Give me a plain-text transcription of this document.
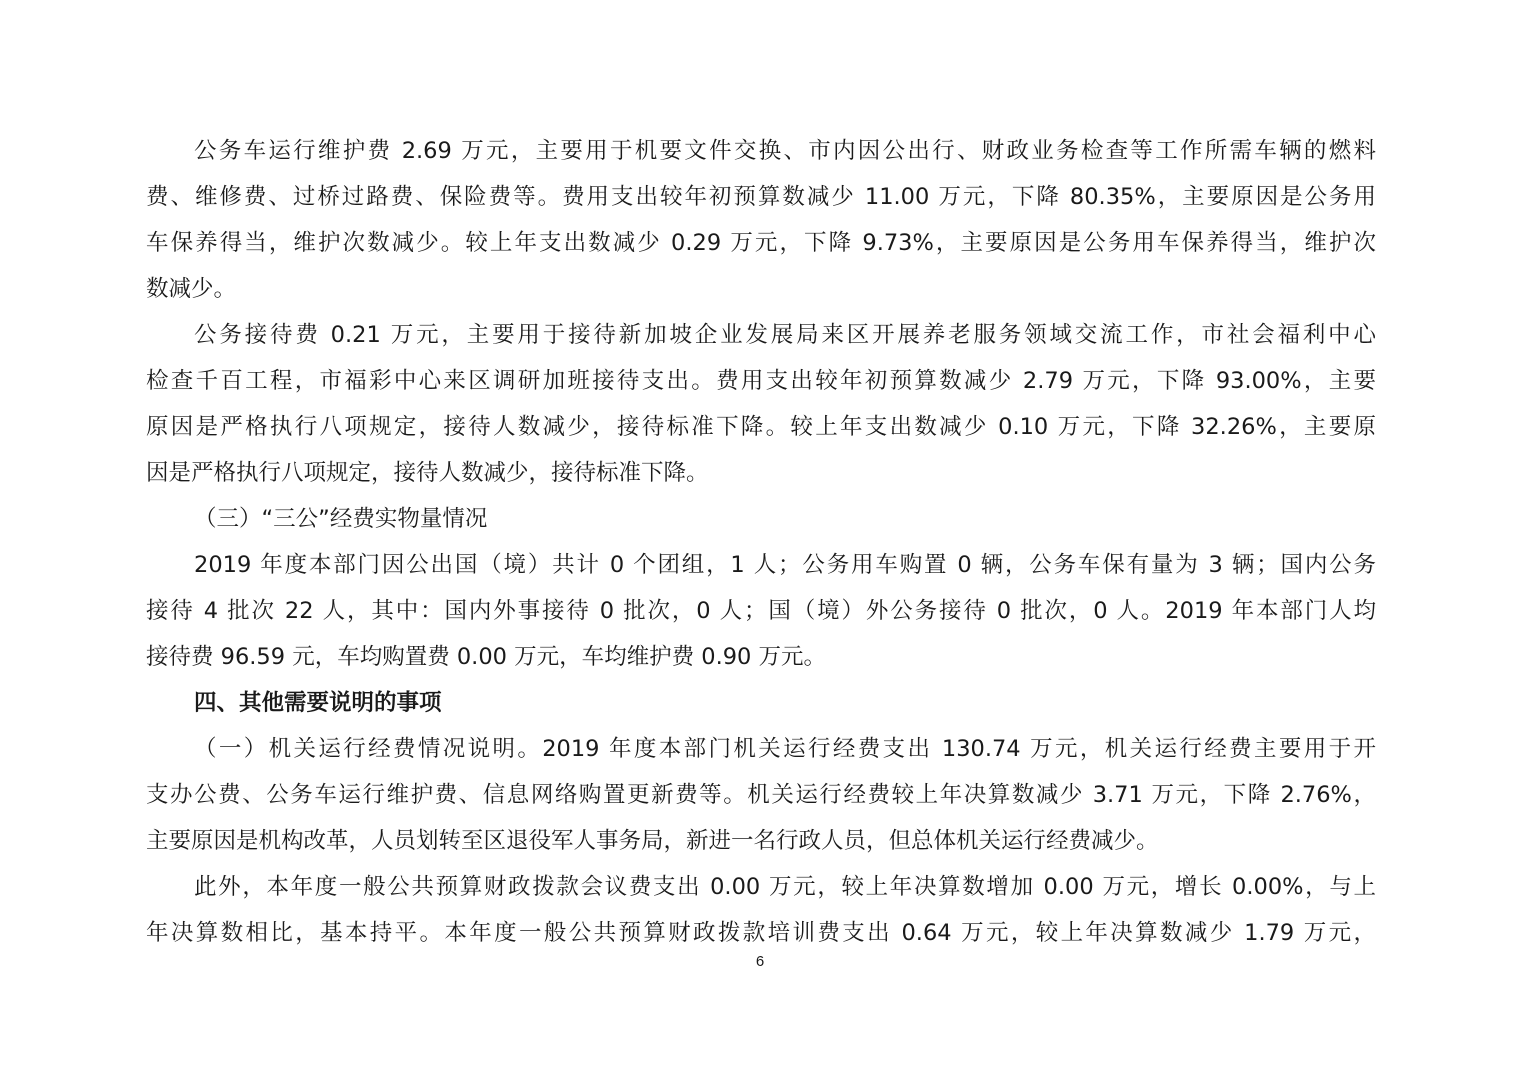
公务车运行维护费 2.69 万元，主要用于机要文件交换、市内因公出行、财政业务检查等工作所需车辆的燃料
费、维修费、过桥过路费、保险费等。费用支出较年初预算数减少 11.00 万元，下降 80.35%，主要原因是公务用
车保养得当，维护次数减少。较上年支出数减少 0.29 万元，下降 9.73%，主要原因是公务用车保养得当，维护次
数减少。
公务接待费 0.21 万元，主要用于接待新加坡企业发展局来区开展养老服务领域交流工作，市社会福利中心
检查千百工程，市福彩中心来区调研加班接待支出。费用支出较年初预算数减少 2.79 万元，下降 93.00%，主要
原因是严格执行八项规定，接待人数减少，接待标准下降。较上年支出数减少 0.10 万元，下降 32.26%，主要原
因是严格执行八项规定，接待人数减少，接待标准下降。
（三）“三公”经费实物量情况
2019 年度本部门因公出国（境）共计 0 个团组，1 人；公务用车购置 0 辆，公务车保有量为 3 辆；国内公务
接待 4 批次 22 人，其中：国内外事接待 0 批次，0 人；国（境）外公务接待 0 批次，0 人。2019 年本部门人均
接待费 96.59 元，车均购置费 0.00 万元，车均维护费 0.90 万元。
四、其他需要说明的事项
（一）机关运行经费情况说明。2019 年度本部门机关运行经费支出 130.74 万元，机关运行经费主要用于开
支办公费、公务车运行维护费、信息网络购置更新费等。机关运行经费较上年决算数减少 3.71 万元，下降 2.76%，
主要原因是机构改革，人员划转至区退役军人事务局，新进一名行政人员，但总体机关运行经费减少。
此外，本年度一般公共预算财政拨款会议费支出 0.00 万元，较上年决算数增加 0.00 万元，增长 0.00%，与上
年决算数相比，基本持平。本年度一般公共预算财政拨款培训费支出 0.64 万元，较上年决算数减少 1.79 万元，
6
